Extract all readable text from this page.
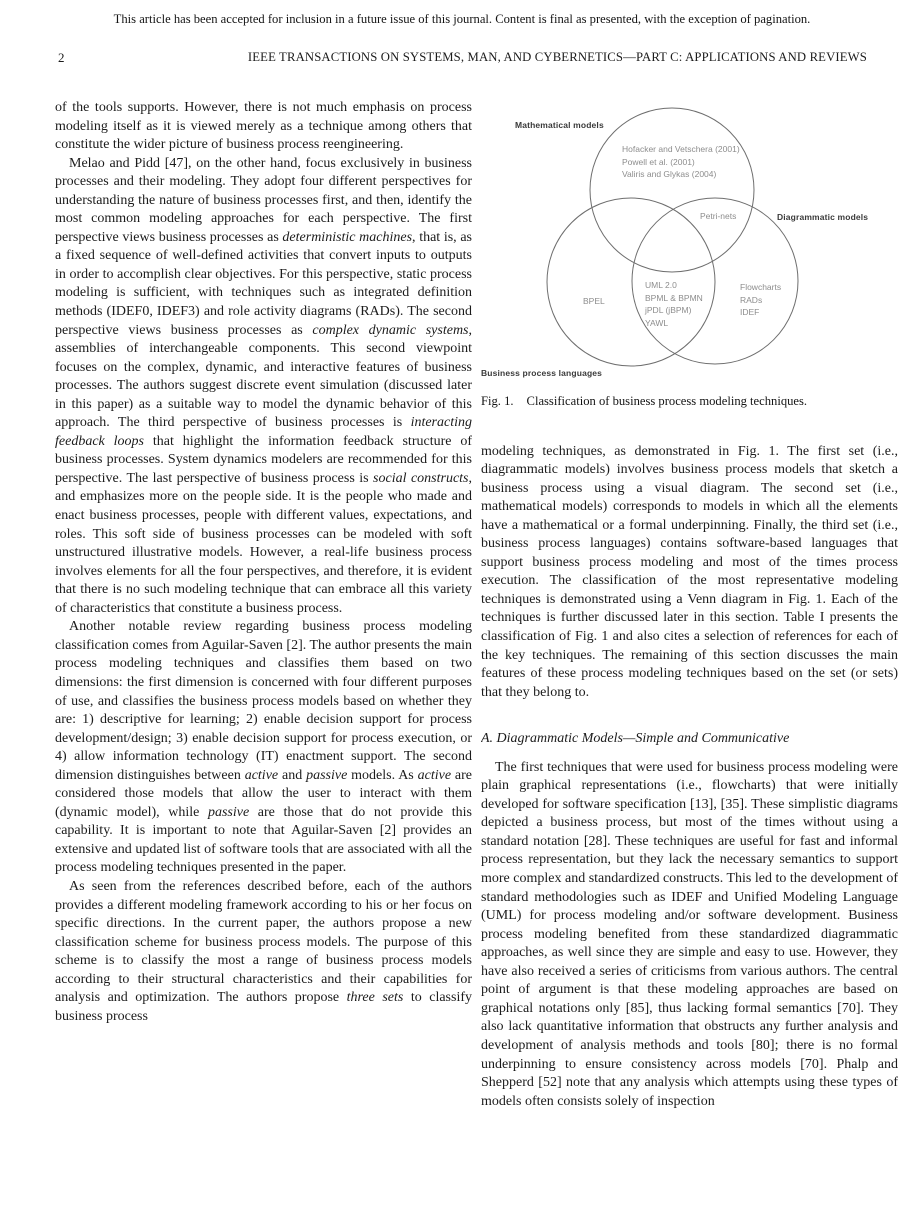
This article has been accepted for inclusion in a future issue of this journal. Content is final as presented, with the exception of pagination.
2	IEEE TRANSACTIONS ON SYSTEMS, MAN, AND CYBERNETICS—PART C: APPLICATIONS AND REVIEWS

of the tools supports. However, there is not much emphasis on process modeling itself as it is viewed merely as a technique among others that constitute the wider picture of business process reengineering.

Melao and Pidd [47], on the other hand, focus exclusively in business processes and their modeling. They adopt four different perspectives for understanding the nature of business processes first, and then, identify the most common modeling approaches for each perspective. The first perspective views business processes as deterministic machines, that is, as a fixed sequence of well-defined activities that convert inputs to outputs in order to accomplish clear objectives. For this perspective, static process modeling is sufficient, with techniques such as integrated definition methods (IDEF0, IDEF3) and role activity diagrams (RADs). The second perspective views business processes as complex dynamic systems, assemblies of interchangeable components. This second viewpoint focuses on the complex, dynamic, and interactive features of business processes. The authors suggest discrete event simulation (discussed later in this paper) as a suitable way to model the dynamic behavior of this approach. The third perspective of business processes is interacting feedback loops that highlight the information feedback structure of business processes. System dynamics modelers are recommended for this perspective. The last perspective of business process is social constructs, and emphasizes more on the people side. It is the people who made and enact business processes, people with different values, expectations, and roles. This soft side of business processes can be modeled with soft unstructured illustrative models. However, a real-life business process involves elements for all the four perspectives, and therefore, it is evident that there is no such modeling technique that can embrace all this variety of characteristics that constitute a business process.

Another notable review regarding business process modeling classification comes from Aguilar-Saven [2]. The author presents the main process modeling techniques and classifies them based on two dimensions: the first dimension is concerned with four different purposes of use, and classifies the business process models based on whether they are: 1) descriptive for learning; 2) enable decision support for process development/design; 3) enable decision support for process execution, or 4) allow information technology (IT) enactment support. The second dimension distinguishes between active and passive models. As active are considered those models that allow the user to interact with them (dynamic model), while passive are those that do not provide this capability. It is important to note that Aguilar-Saven [2] provides an extensive and updated list of software tools that are associated with all the process modeling techniques presented in the paper.

As seen from the references described before, each of the authors provides a different modeling framework according to his or her focus on specific directions. In the current paper, the authors propose a new classification scheme for business process models. The purpose of this scheme is to classify the most a range of business process models according to their structural characteristics and their capabilities for analysis and optimization. The authors propose three sets to classify business process

Mathematical models
Hofacker and Vetschera (2001)
Powell et al. (2001)
Valiris and Glykas (2004)
Petri-nets	Diagrammatic models
BPEL
UML 2.0
BPML & BPMN
jPDL (jBPM)
YAWL
Flowcharts
RADs
IDEF
Business process languages
Fig. 1. Classification of business process modeling techniques.

modeling techniques, as demonstrated in Fig. 1. The first set (i.e., diagrammatic models) involves business process models that sketch a business process using a visual diagram. The second set (i.e., mathematical models) corresponds to models in which all the elements have a mathematical or a formal underpinning. Finally, the third set (i.e., business process languages) contains software-based languages that support business process modeling and most of the times process execution. The classification of the most representative modeling techniques is demonstrated using a Venn diagram in Fig. 1. Each of the techniques is further discussed later in this section. Table I presents the classification of Fig. 1 and also cites a selection of references for each of the key techniques. The remaining of this section discusses the main features of these process modeling techniques based on the set (or sets) that they belong to.

A. Diagrammatic Models—Simple and Communicative

The first techniques that were used for business process modeling were plain graphical representations (i.e., flowcharts) that were initially developed for software specification [13], [35]. These simplistic diagrams depicted a business process, but most of the times without using a standard notation [28]. These techniques are useful for fast and informal process representation, but they lack the necessary semantics to support more complex and standardized constructs. This led to the development of standard methodologies such as IDEF and Unified Modeling Language (UML) for process modeling and/or software development. Business process modeling benefited from these standardized diagrammatic approaches, as well since they are simple and easy to use. However, they have also received a series of criticisms from various authors. The central point of argument is that these modeling approaches are based on graphical notations only [85], thus lacking formal semantics [70]. They also lack quantitative information that obstructs any further analysis and development of analysis methods and tools [80]; there is no formal underpinning to ensure consistency across models [70]. Phalp and Shepperd [52] note that any analysis which attempts using these types of models often consists solely of inspection
